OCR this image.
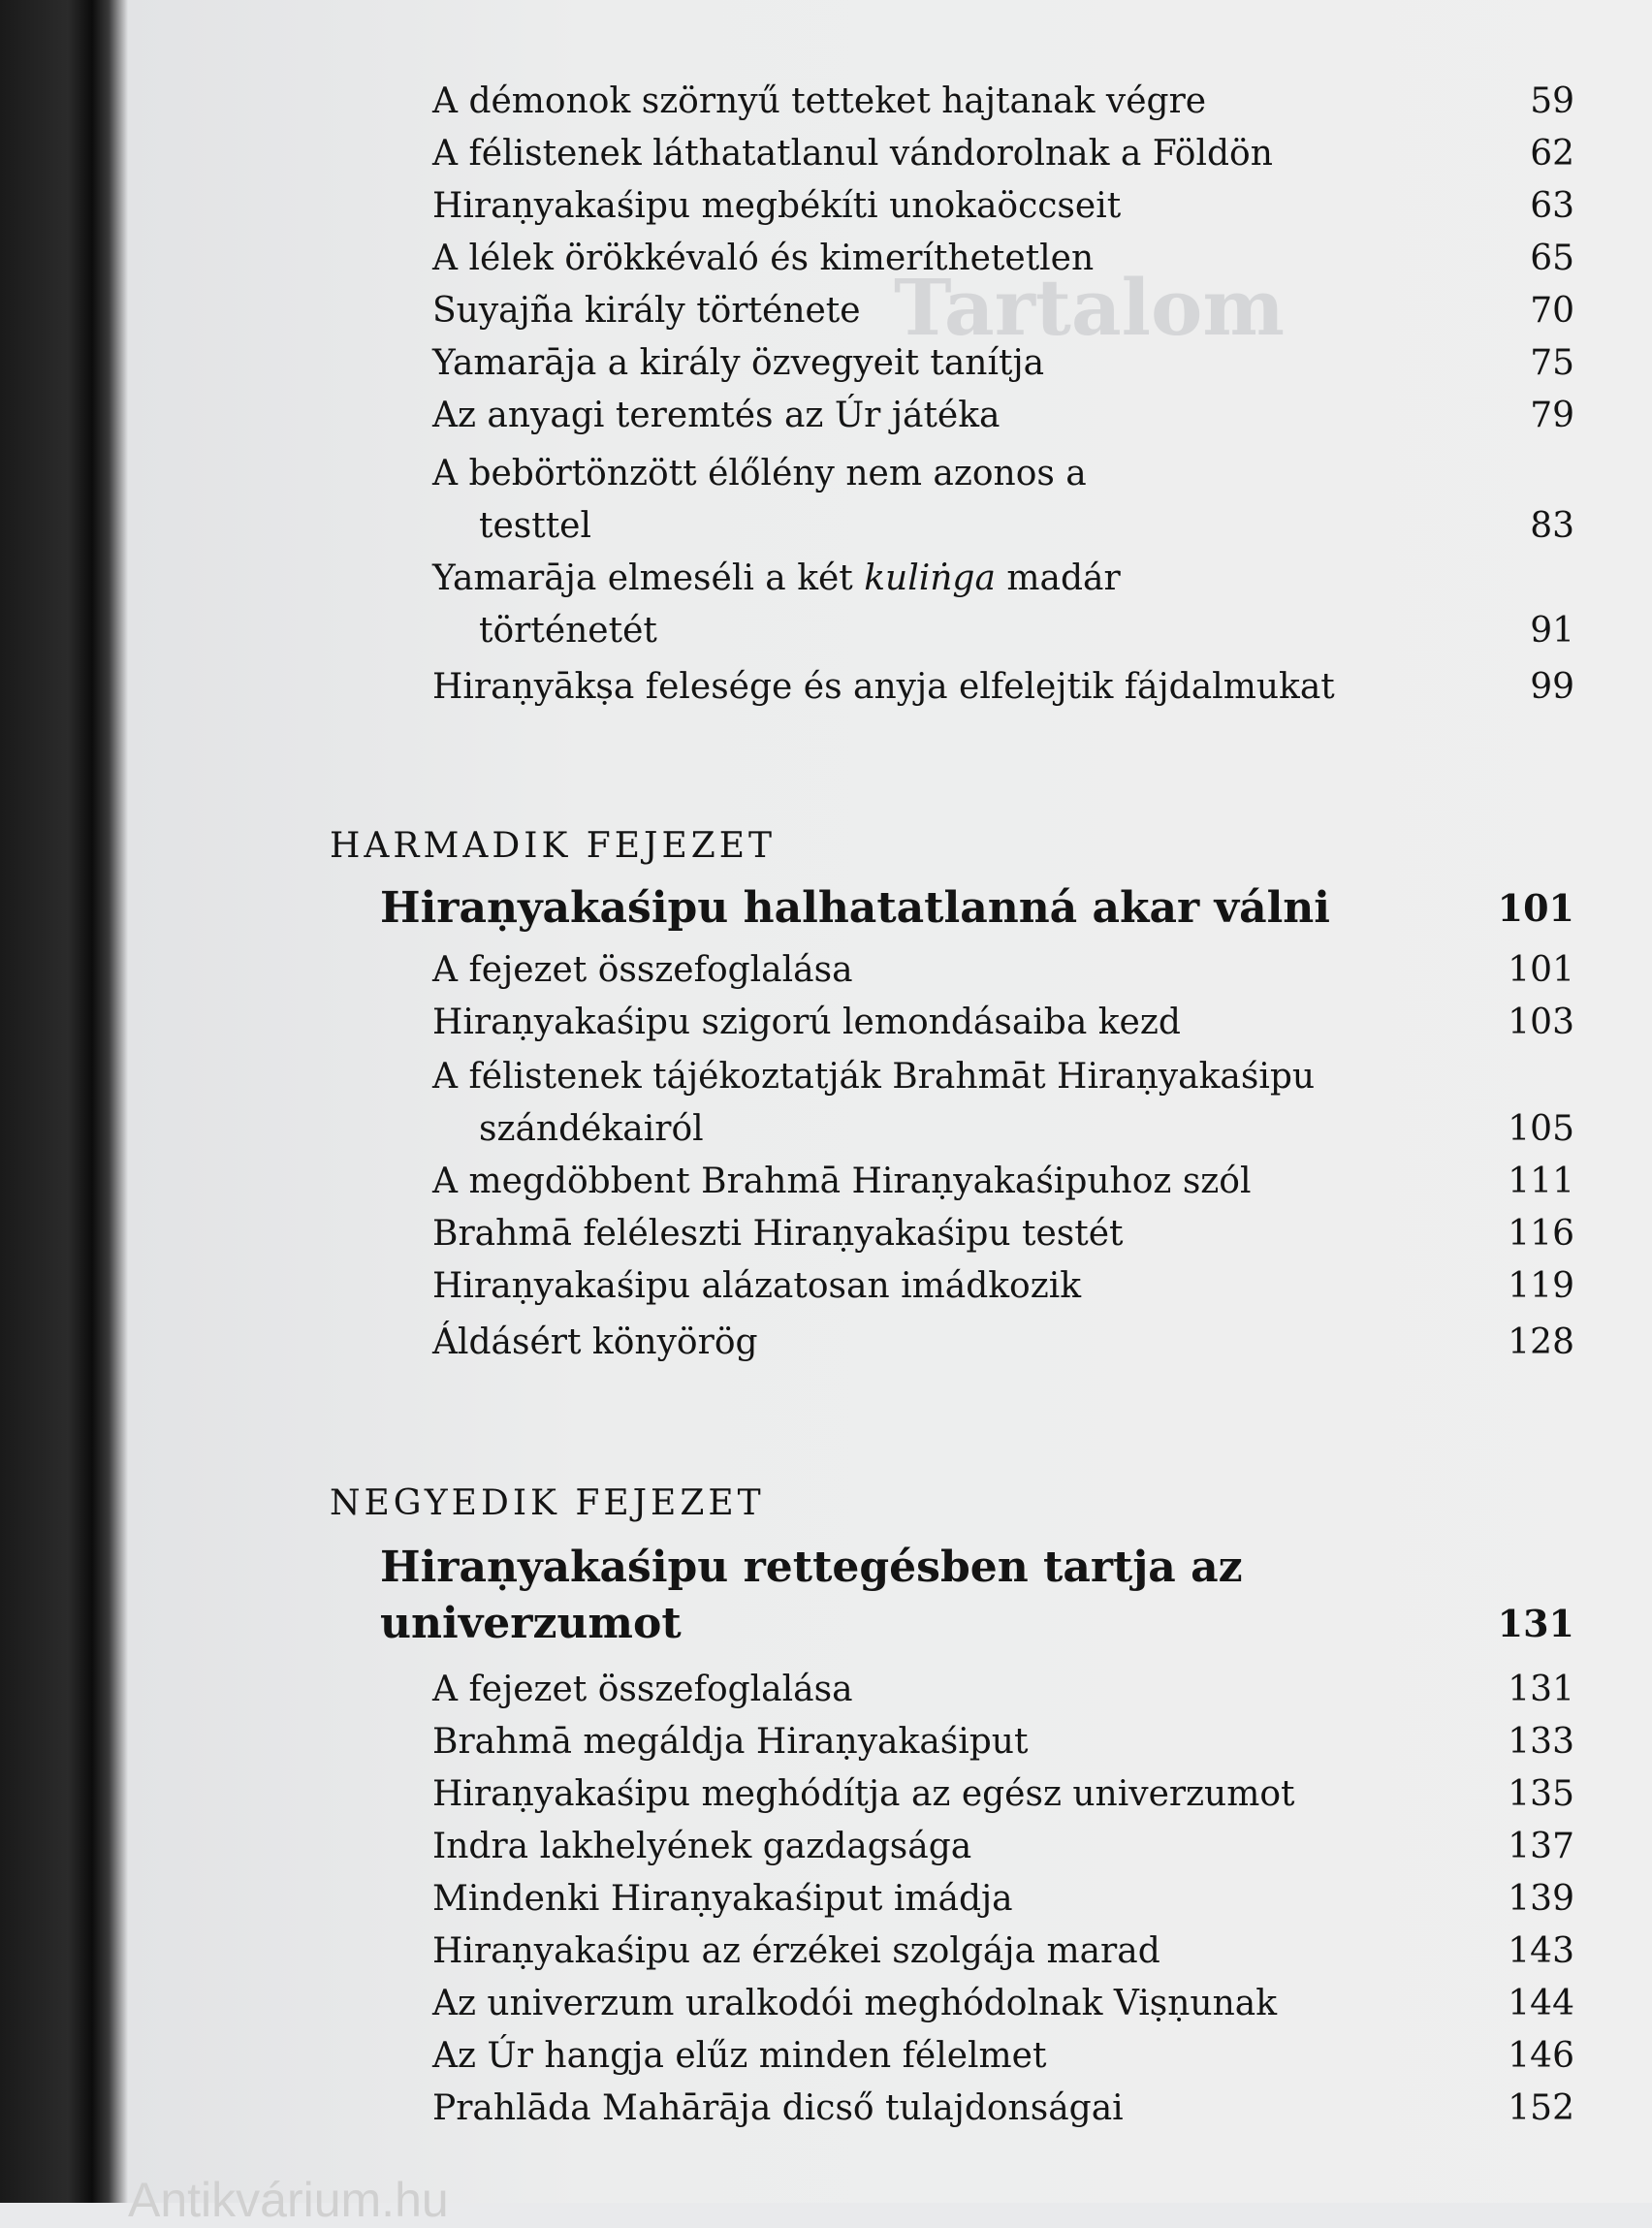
Tartalom
Antikvárium.hu
A démonok szörnyű tetteket hajtanak végre	59
A félistenek láthatatlanul vándorolnak a Földön	62
Hiraṇyakaśipu megbékíti unokaöccseit	63
A lélek örökkévaló és kimeríthetetlen	65
Suyajña király története	70
Yamarāja a király özvegyeit tanítja	75
Az anyagi teremtés az Úr játéka	79
A bebörtönzött élőlény nem azonos a
testtel	83
Yamarāja elmeséli a két kuliṅga madár
történetét	91
Hiraṇyākṣa felesége és anyja elfelejtik fájdalmukat	99
HARMADIK FEJEZET
Hiraṇyakaśipu halhatatlanná akar válni	101
A fejezet összefoglalása	101
Hiraṇyakaśipu szigorú lemondásaiba kezd	103
A félistenek tájékoztatják Brahmāt Hiraṇyakaśipu
szándékairól	105
A megdöbbent Brahmā Hiraṇyakaśipuhoz szól	111
Brahmā feléleszti Hiraṇyakaśipu testét	116
Hiraṇyakaśipu alázatosan imádkozik	119
Áldásért könyörög	128
NEGYEDIK FEJEZET
Hiraṇyakaśipu rettegésben tartja az
univerzumot	131
A fejezet összefoglalása	131
Brahmā megáldja Hiraṇyakaśiput	133
Hiraṇyakaśipu meghódítja az egész univerzumot	135
Indra lakhelyének gazdagsága	137
Mindenki Hiraṇyakaśiput imádja	139
Hiraṇyakaśipu az érzékei szolgája marad	143
Az univerzum uralkodói meghódolnak Viṣṇunak	144
Az Úr hangja elűz minden félelmet	146
Prahlāda Mahārāja dicső tulajdonságai	152
